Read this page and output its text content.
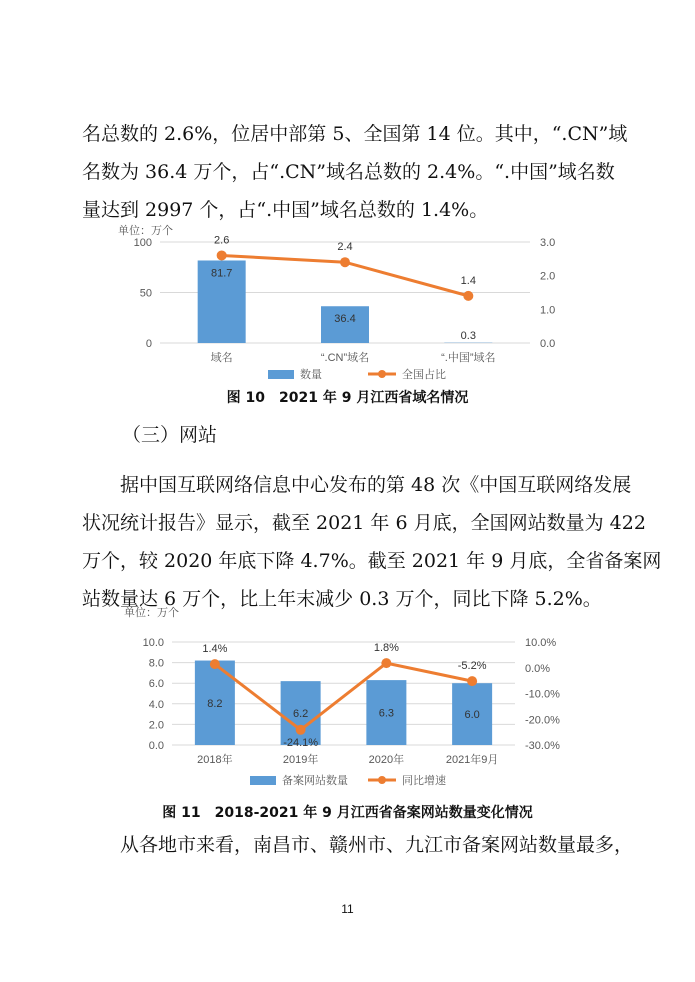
名总数的 2.6%，位居中部第 5、全国第 14 位。其中，“.CN”域
名数为 36.4 万个，占“.CN”域名总数的 2.4%。“.中国”域名数
量达到 2997 个，占“.中国”域名总数的 1.4%。
单位：万个
0
50
100
0.0
1.0
2.0
3.0
81.7
36.4
0.3
域名	“.CN”域名	“.中国”域名
2.6
2.4
1.4
数量	全国占比
图 10　2021 年 9 月江西省域名情况
（三）网站
据中国互联网络信息中心发布的第 48 次《中国互联网络发展
状况统计报告》显示，截至 2021 年 6 月底，全国网站数量为 422
万个，较 2020 年底下降 4.7%。截至 2021 年 9 月底，全省备案网
站数量达 6 万个，比上年末减少 0.3 万个，同比下降 5.2%。
单位：万个
0.0
2.0
4.0
6.0
8.0
10.0
-30.0%
-20.0%
-10.0%
0.0%
10.0%
8.2
6.2	6.3	6.0
2018年	2019年	2020年	2021年9月
1.4%
-24.1%
1.8%
-5.2%
备案网站数量	同比增速
图 11　2018-2021 年 9 月江西省备案网站数量变化情况

从各地市来看，南昌市、赣州市、九江市备案网站数量最多，

11
